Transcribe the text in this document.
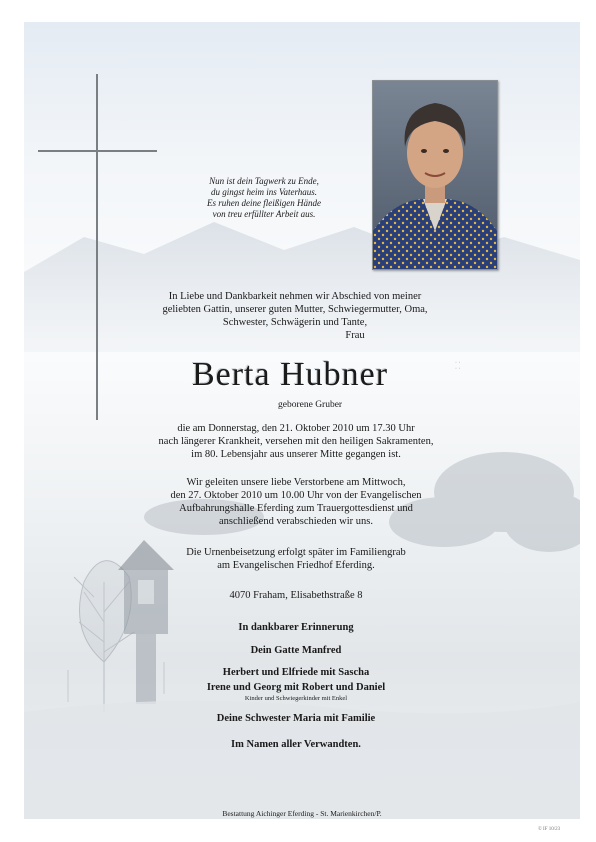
Nun ist dein Tagwerk zu Ende,
du gingst heim ins Vaterhaus.
Es ruhen deine fleißigen Hände
von treu erfüllter Arbeit aus.
In Liebe und Dankbarkeit nehmen wir Abschied von meiner
geliebten Gattin, unserer guten Mutter, Schwiegermutter, Oma,
Schwester, Schwägerin und Tante,
Frau
Berta Hubner	· ·
· ·
geborene Gruber
die am Donnerstag, den 21. Oktober 2010 um 17.30 Uhr
nach längerer Krankheit, versehen mit den heiligen Sakramenten,
im 80. Lebensjahr aus unserer Mitte gegangen ist.
Wir geleiten unsere liebe Verstorbene am Mittwoch,
den 27. Oktober 2010 um 10.00 Uhr von der Evangelischen
Aufbahrungshalle Eferding zum Trauergottesdienst und
anschließend verabschieden wir uns.
Die Urnenbeisetzung erfolgt später im Familiengrab
am Evangelischen Friedhof Eferding.
4070 Fraham, Elisabethstraße 8
In dankbarer Erinnerung
Dein Gatte Manfred
Herbert und Elfriede mit Sascha
Irene und Georg mit Robert und Daniel
Kinder und Schwiegerkinder mit Enkel
Deine Schwester Maria mit Familie
Im Namen aller Verwandten.
Bestattung Aichinger Eferding - St. Marienkirchen/P.
© IF 10/23
